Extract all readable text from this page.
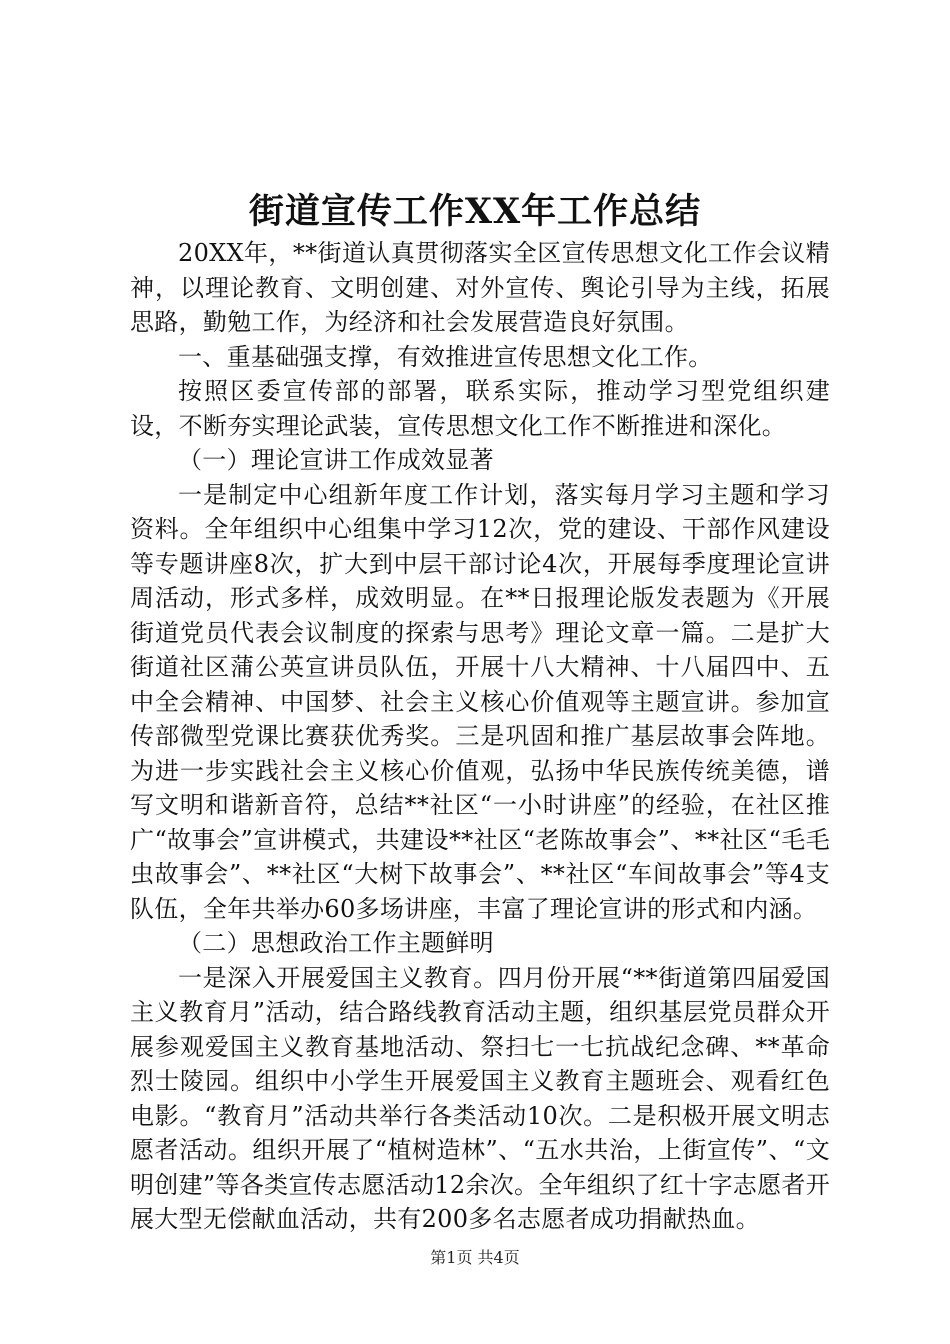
街道宣传工作XX年工作总结

20XX年，**街道认真贯彻落实全区宣传思想文化工作会议精神，以理论教育、文明创建、对外宣传、舆论引导为主线，拓展思路，勤勉工作，为经济和社会发展营造良好氛围。

一、重基础强支撑，有效推进宣传思想文化工作。

按照区委宣传部的部署，联系实际，推动学习型党组织建设，不断夯实理论武装，宣传思想文化工作不断推进和深化。

（一）理论宣讲工作成效显著

一是制定中心组新年度工作计划，落实每月学习主题和学习资料。全年组织中心组集中学习12次，党的建设、干部作风建设等专题讲座8次，扩大到中层干部讨论4次，开展每季度理论宣讲周活动，形式多样，成效明显。在**日报理论版发表题为《开展街道党员代表会议制度的探索与思考》理论文章一篇。二是扩大街道社区蒲公英宣讲员队伍，开展十八大精神、十八届四中、五中全会精神、中国梦、社会主义核心价值观等主题宣讲。参加宣传部微型党课比赛获优秀奖。三是巩固和推广基层故事会阵地。为进一步实践社会主义核心价值观，弘扬中华民族传统美德，谱写文明和谐新音符，总结**社区“一小时讲座”的经验，在社区推广“故事会”宣讲模式，共建设**社区“老陈故事会”、**社区“毛毛虫故事会”、**社区“大树下故事会”、**社区“车间故事会”等4支队伍，全年共举办60多场讲座，丰富了理论宣讲的形式和内涵。

（二）思想政治工作主题鲜明

一是深入开展爱国主义教育。四月份开展“**街道第四届爱国主义教育月”活动，结合路线教育活动主题，组织基层党员群众开展参观爱国主义教育基地活动、祭扫七一七抗战纪念碑、**革命烈士陵园。组织中小学生开展爱国主义教育主题班会、观看红色电影。“教育月”活动共举行各类活动10次。二是积极开展文明志愿者活动。组织开展了“植树造林”、“五水共治，上街宣传”、“文明创建”等各类宣传志愿活动12余次。全年组织了红十字志愿者开展大型无偿献血活动，共有200多名志愿者成功捐献热血。

第1页 共4页
